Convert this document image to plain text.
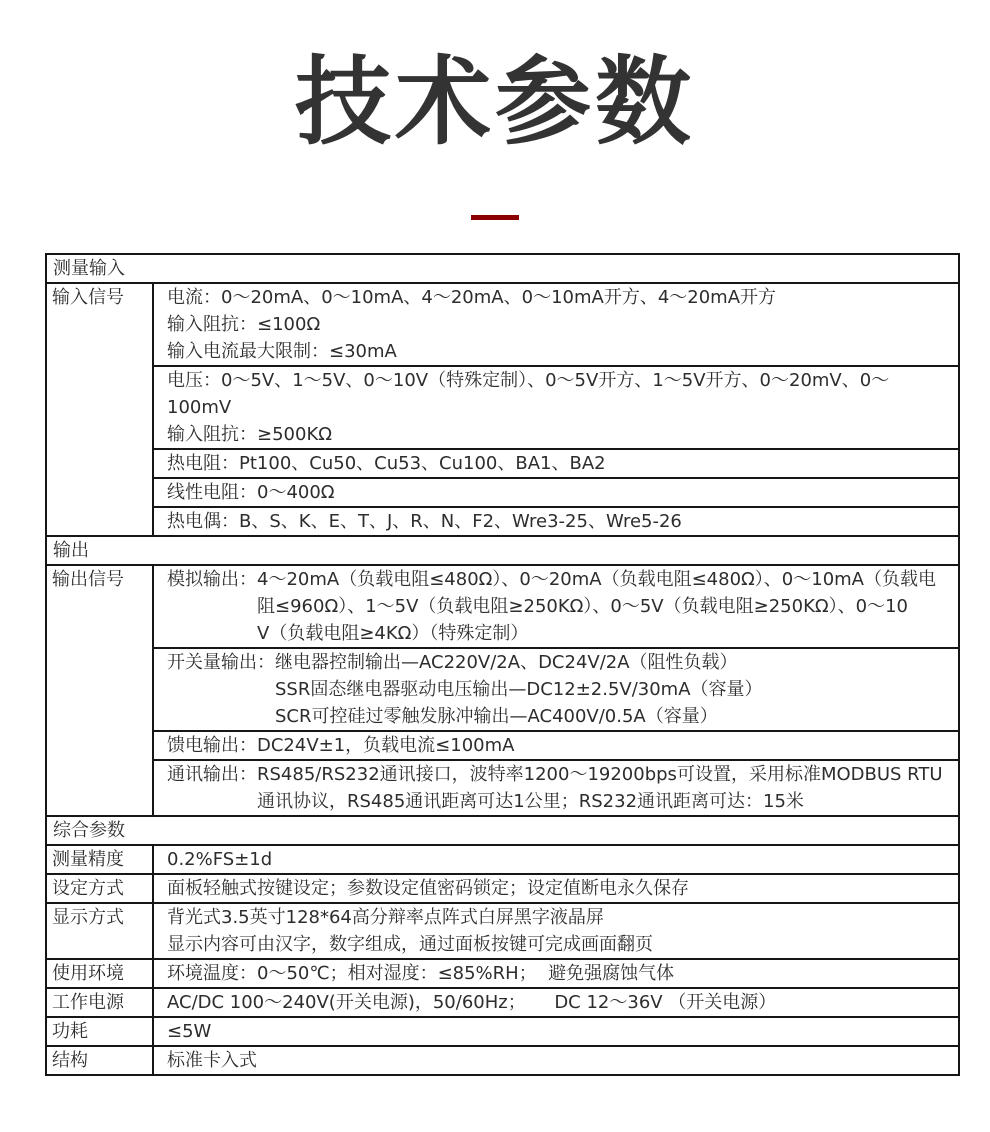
技术参数
测量输入	
输入信号	电流：0～20mA、0～10mA、4～20mA、0～10mA开方、4～20mA开方
输入阻抗：≤100Ω
输入电流最大限制：≤30mA

	电压：0～5V、1～5V、0～10V（特殊定制）、0～5V开方、1～5V开方、0～20mV、0～100mV
输入阻抗：≥500KΩ

	热电阻：Pt100、Cu50、Cu53、Cu100、BA1、BA2

	线性电阻：0～400Ω

	热电偶：B、S、K、E、T、J、R、N、F2、Wre3-25、Wre5-26

输出	
输出信号	模拟输出：4～20mA（负载电阻≤480Ω）、0～20mA（负载电阻≤480Ω）、0～10mA（负载电
阻≤960Ω）、1～5V（负载电阻≥250KΩ）、0～5V（负载电阻≥250KΩ）、0～10
V（负载电阻≥4KΩ）（特殊定制）

	开关量输出：继电器控制输出—AC220V/2A、DC24V/2A（阻性负载）
SSR固态继电器驱动电压输出—DC12±2.5V/30mA（容量）
SCR可控硅过零触发脉冲输出—AC400V/0.5A（容量）

	馈电输出：DC24V±1，负载电流≤100mA

	通讯输出：RS485/RS232通讯接口，波特率1200～19200bps可设置，采用标准MODBUS RTU
通讯协议，RS485通讯距离可达1公里；RS232通讯距离可达：15米

综合参数	
测量精度	0.2%FS±1d

设定方式	面板轻触式按键设定；参数设定值密码锁定；设定值断电永久保存

显示方式	背光式3.5英寸128*64高分辩率点阵式白屏黑字液晶屏
显示内容可由汉字，数字组成，通过面板按键可完成画面翻页

使用环境	环境温度：0～50℃；相对湿度：≤85%RH；  避免强腐蚀气体

工作电源	AC/DC 100～240V(开关电源)，50/60Hz；     DC 12～36V （开关电源）

功耗	≤5W

结构	标准卡入式
